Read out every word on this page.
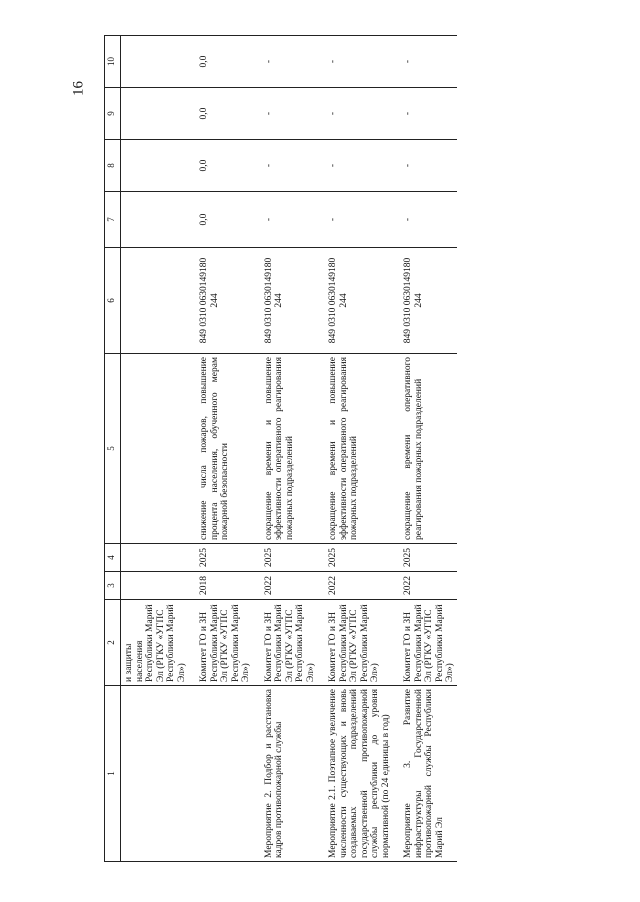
16
1	2	3	4	5	6	7	8	9	10
	и защиты населения Республики Марий Эл (РГКУ «УГПС Республики Марий Эл»)								

	Комитет ГО и ЗН Республики Марий Эл (РГКУ «УГПС Республики Марий Эл»)	2018	2025	снижение числа пожаров, повышение процента населения, обученного мерам пожарной безопасности	849 0310 0630149180 244	0,0	0,0	0,0	0,0

Мероприятие 2. Подбор и расстановка кадров противопожарной службы	Комитет ГО и ЗН Республики Марий Эл (РГКУ «УГПС Республики Марий Эл»)	2022	2025	сокращение времени и повышение эффективности оперативного реагирования пожарных подразделений	849 0310 0630149180 244	-	-	-	-

Мероприятие 2.1. Поэтапное увеличение численности существующих и вновь создаваемых подразделений государственной противопожарной службы республики до уровня нормативной (по 24 единицы в год)	Комитет ГО и ЗН Республики Марий Эл (РГКУ «УГПС Республики Марий Эл»)	2022	2025	сокращение времени и повышение эффективности оперативного реагирования пожарных подразделений	849 0310 0630149180 244	-	-	-	-

Мероприятие 3. Развитие инфраструктуры Государственной противопожарной службы Республики Марий Эл	Комитет ГО и ЗН Республики Марий Эл (РГКУ «УГПС Республики Марий Эл»)	2022	2025	сокращение времени оперативного реагирования пожарных подразделений	849 0310 0630149180 244	-	-	-	-
